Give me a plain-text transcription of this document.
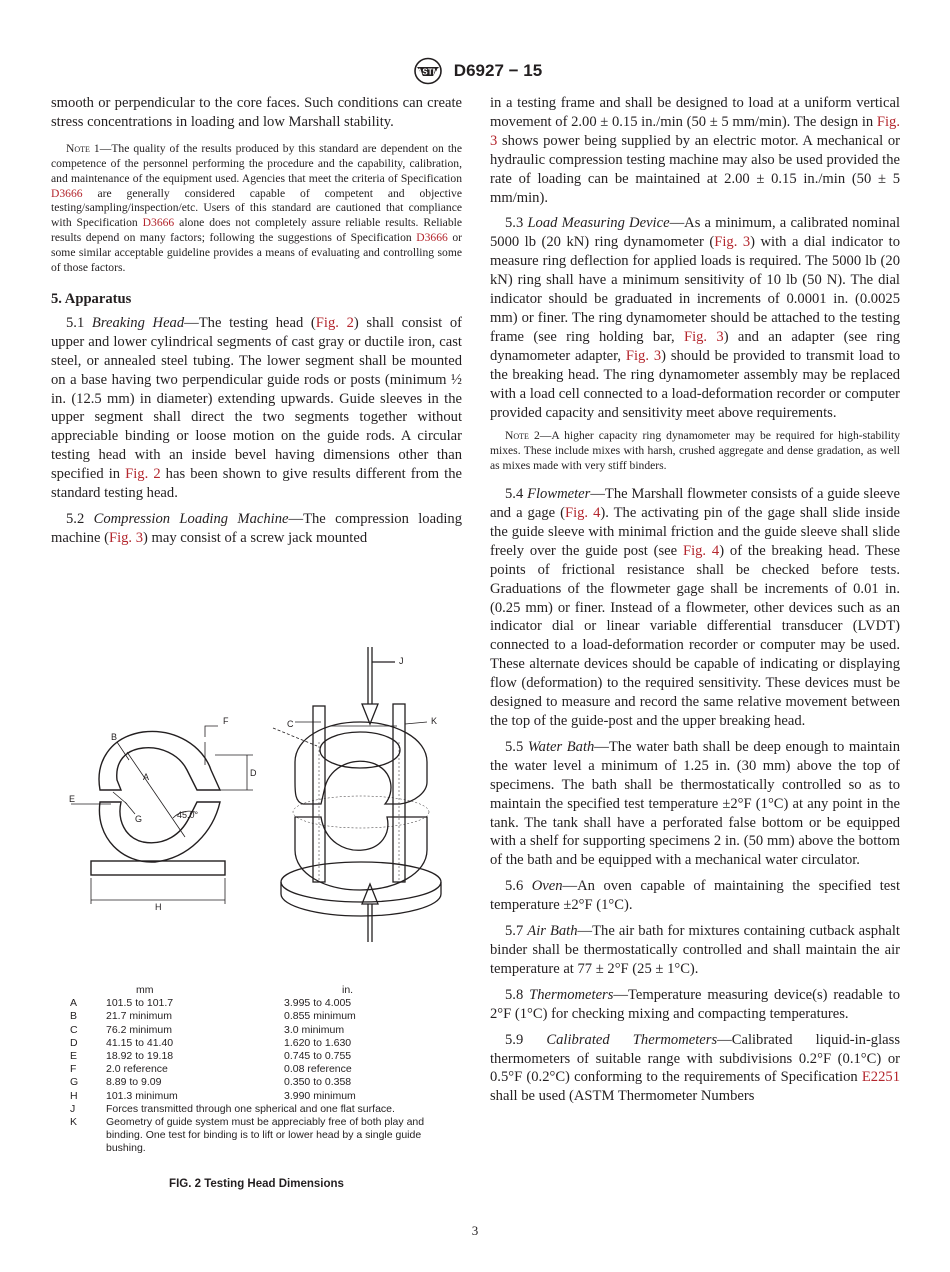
ASTM D6927 − 15

smooth or perpendicular to the core faces. Such conditions can create stress concentrations in loading and low Marshall stability.

Note 1—The quality of the results produced by this standard are dependent on the competence of the personnel performing the procedure and the capability, calibration, and maintenance of the equipment used. Agencies that meet the criteria of Specification D3666 are generally considered capable of competent and objective testing/sampling/inspection/etc. Users of this standard are cautioned that compliance with Specification D3666 alone does not completely assure reliable results. Reliable results depend on many factors; following the suggestions of Specification D3666 or some similar acceptable guideline provides a means of evaluating and controlling some of those factors.

5. Apparatus

5.1 Breaking Head—The testing head (Fig. 2) shall consist of upper and lower cylindrical segments of cast gray or ductile iron, cast steel, or annealed steel tubing. The lower segment shall be mounted on a base having two perpendicular guide rods or posts (minimum ½ in. (12.5 mm) in diameter) extending upwards. Guide sleeves in the upper segment shall direct the two segments together without appreciable binding or loose motion on the guide rods. A circular testing head with an inside bevel having dimensions other than specified in Fig. 2 has been shown to give results different from the standard testing head.

5.2 Compression Loading Machine—The compression loading machine (Fig. 3) may consist of a screw jack mounted

F
B
A	D
E
G	45.0°
H
J
C	K
mm	in.
A	101.5 to 101.7	3.995 to 4.005
B	21.7 minimum	0.855 minimum
C	76.2 minimum	3.0 minimum
D	41.15 to 41.40	1.620 to 1.630
E	18.92 to 19.18	0.745 to 0.755
F	2.0 reference	0.08 reference
G	8.89 to 9.09	0.350 to 0.358
H	101.3 minimum	3.990 minimum
J	Forces transmitted through one spherical and one flat surface.
K	Geometry of guide system must be appreciably free of both play and binding. One test for binding is to lift or lower head by a single guide bushing.
FIG. 2 Testing Head Dimensions

in a testing frame and shall be designed to load at a uniform vertical movement of 2.00 ± 0.15 in./min (50 ± 5 mm/min). The design in Fig. 3 shows power being supplied by an electric motor. A mechanical or hydraulic compression testing machine may also be used provided the rate of loading can be maintained at 2.00 ± 0.15 in./min (50 ± 5 mm/min).

5.3 Load Measuring Device—As a minimum, a calibrated nominal 5000 lb (20 kN) ring dynamometer (Fig. 3) with a dial indicator to measure ring deflection for applied loads is required. The 5000 lb (20 kN) ring shall have a minimum sensitivity of 10 lb (50 N). The dial indicator should be graduated in increments of 0.0001 in. (0.0025 mm) or finer. The ring dynamometer should be attached to the testing frame (see ring holding bar, Fig. 3) and an adapter (see ring dynamometer adapter, Fig. 3) should be provided to transmit load to the breaking head. The ring dynamometer assembly may be replaced with a load cell connected to a load-deformation recorder or computer provided capacity and sensitivity meet above requirements.

Note 2—A higher capacity ring dynamometer may be required for high-stability mixes. These include mixes with harsh, crushed aggregate and dense gradation, as well as mixes made with very stiff binders.

5.4 Flowmeter—The Marshall flowmeter consists of a guide sleeve and a gage (Fig. 4). The activating pin of the gage shall slide inside the guide sleeve with minimal friction and the guide sleeve shall slide freely over the guide post (see Fig. 4) of the breaking head. These points of frictional resistance shall be checked before tests. Graduations of the flowmeter gage shall be increments of 0.01 in. (0.25 mm) or finer. Instead of a flowmeter, other devices such as an indicator dial or linear variable differential transducer (LVDT) connected to a load-deformation recorder or computer may be used. These alternate devices should be capable of indicating or displaying flow (deformation) to the required sensitivity. These devices must be designed to measure and record the same relative movement between the top of the guide-post and the upper breaking head.

5.5 Water Bath—The water bath shall be deep enough to maintain the water level a minimum of 1.25 in. (30 mm) above the top of specimens. The bath shall be thermostatically controlled so as to maintain the specified test temperature ±2°F (1°C) at any point in the tank. The tank shall have a perforated false bottom or be equipped with a shelf for supporting specimens 2 in. (50 mm) above the bottom of the bath and be equipped with a mechanical water circulator.

5.6 Oven—An oven capable of maintaining the specified test temperature ±2°F (1°C).

5.7 Air Bath—The air bath for mixtures containing cutback asphalt binder shall be thermostatically controlled and shall maintain the air temperature at 77 ± 2°F (25 ± 1°C).

5.8 Thermometers—Temperature measuring device(s) readable to 2°F (1°C) for checking mixing and compacting temperatures.

5.9 Calibrated Thermometers—Calibrated liquid-in-glass thermometers of suitable range with subdivisions 0.2°F (0.1°C) or 0.5°F (0.2°C) conforming to the requirements of Specification E2251 shall be used (ASTM Thermometer Numbers

3
